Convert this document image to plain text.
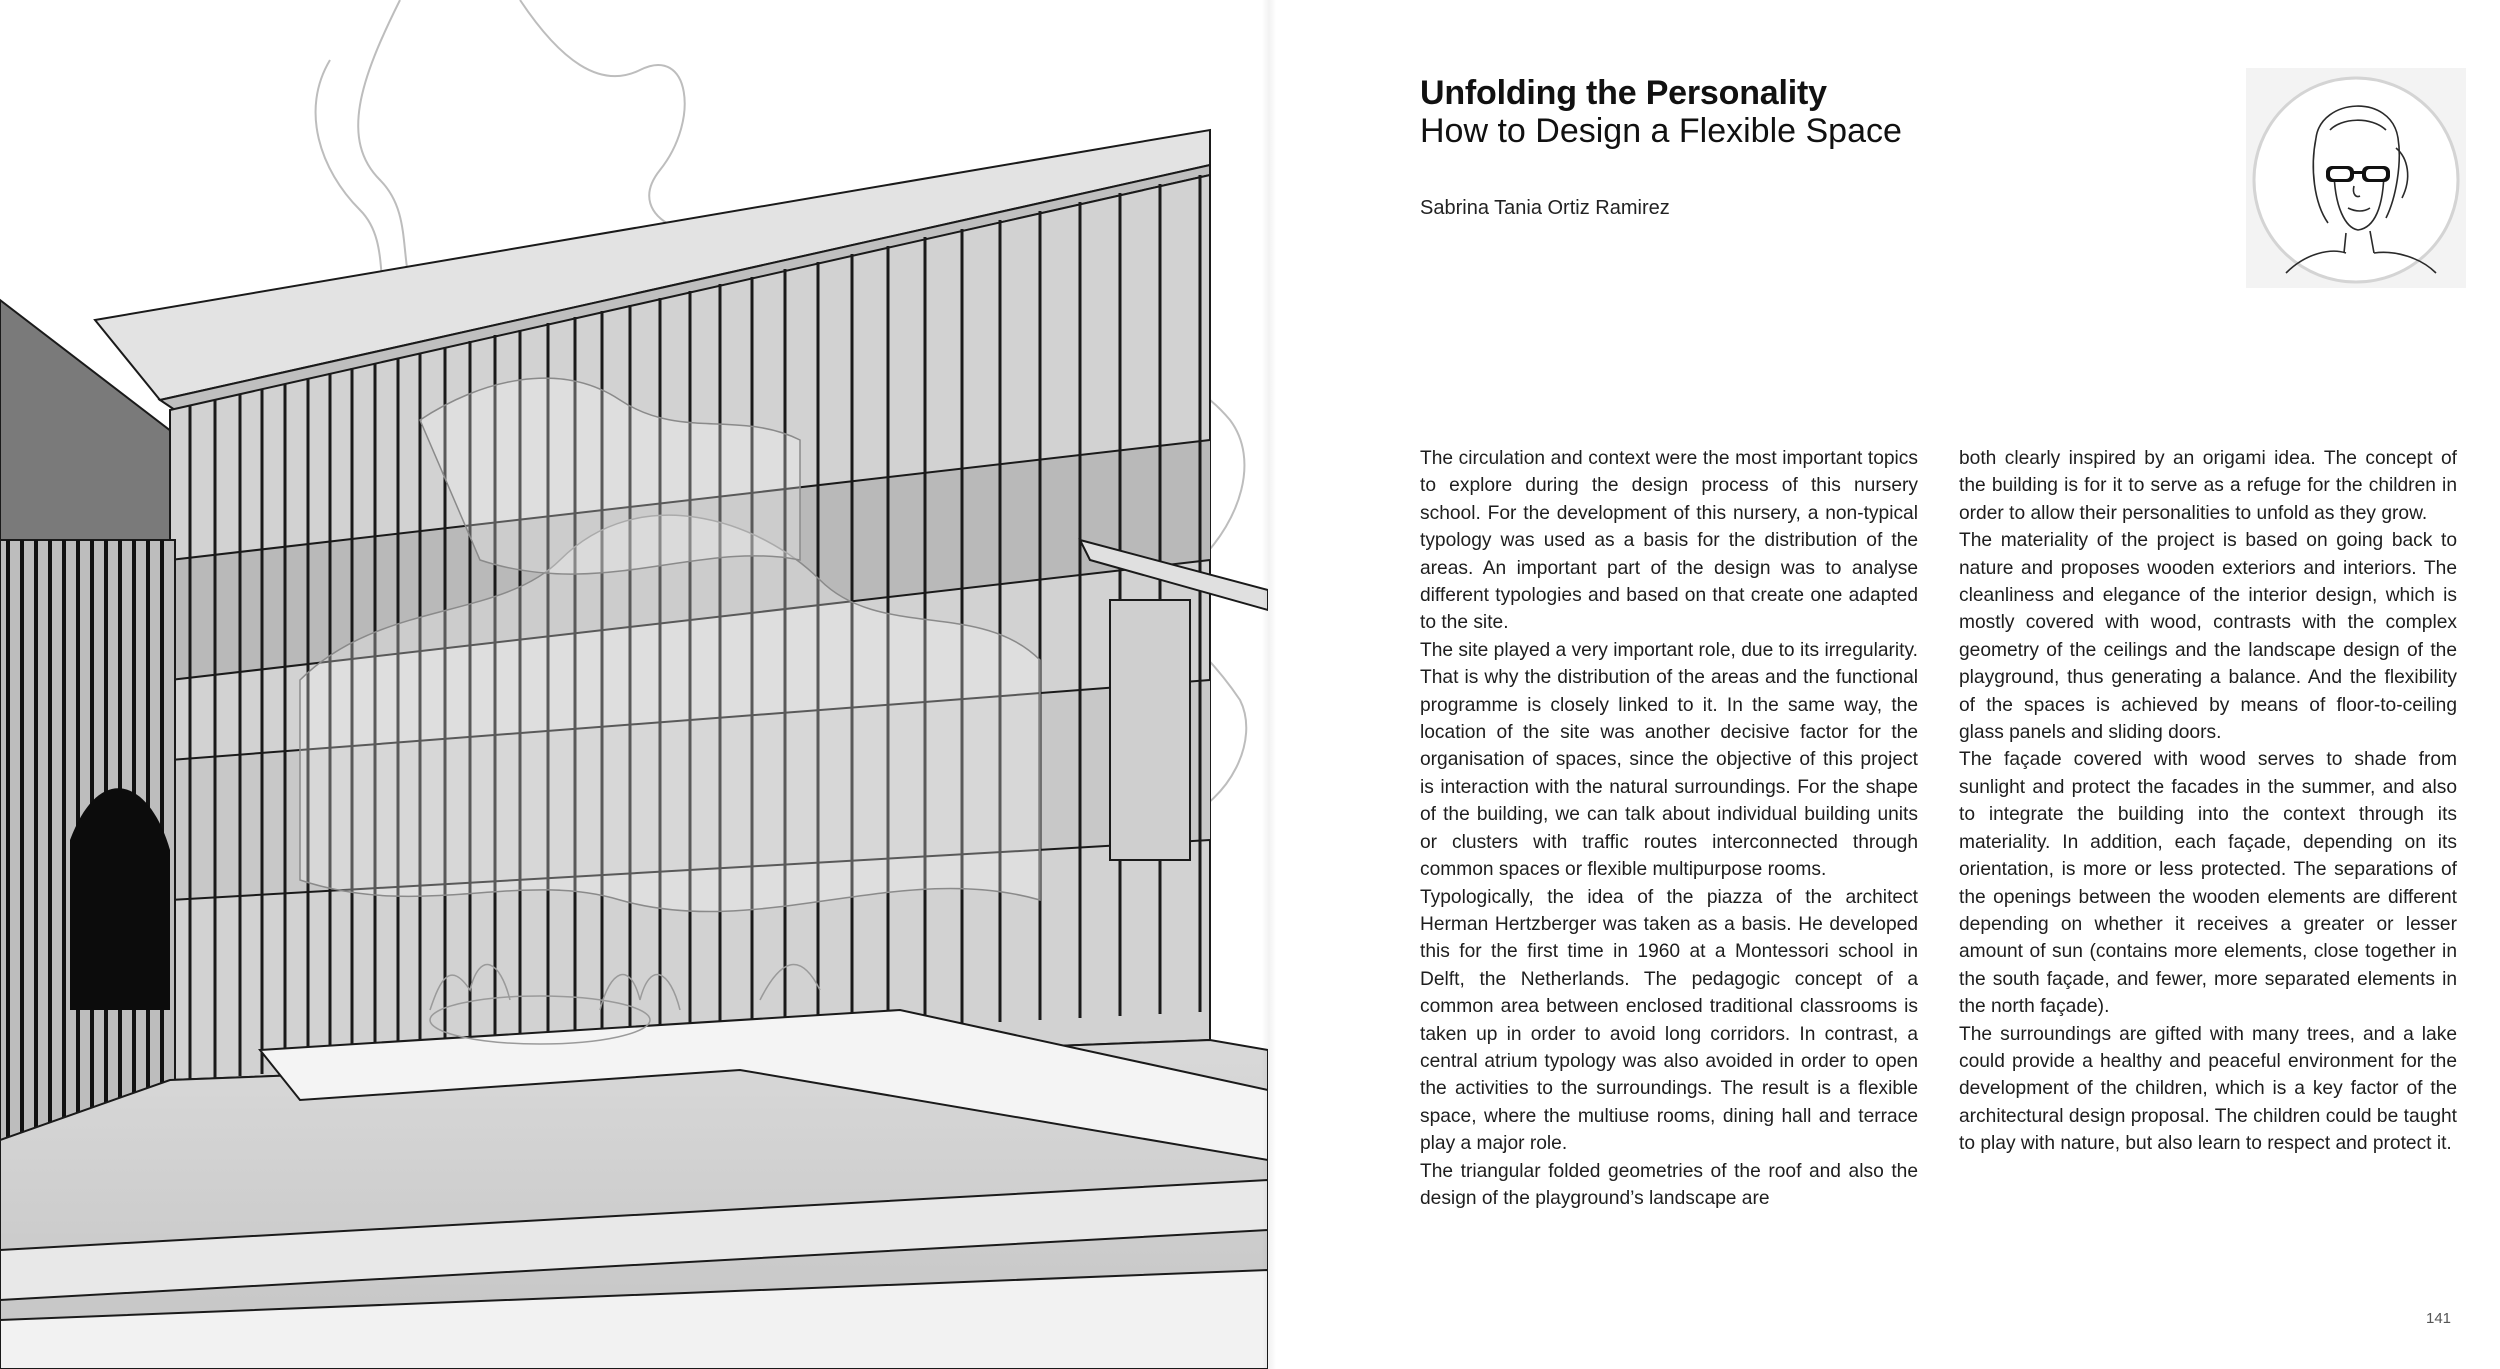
Unfolding the Personality
How to Design a Flexible Space
Sabrina Tania Ortiz Ramirez

The circulation and context were the most important topics to explore during the design process of this nursery school. For the development of this nursery, a non-typical typology was used as a basis for the distribution of the areas. An important part of the design was to analyse different typologies and based on that create one adapted to the site.

The site played a very important role, due to its irregularity. That is why the distribution of the areas and the functional programme is closely linked to it. In the same way, the location of the site was another decisive factor for the organisation of spaces, since the objective of this project is interaction with the natural surroundings. For the shape of the building, we can talk about individual building units or clusters with traffic routes interconnected through common spaces or flexible multipurpose rooms.

Typologically, the idea of the piazza of the architect Herman Hertzberger was taken as a basis. He developed this for the first time in 1960 at a Montessori school in Delft, the Netherlands. The pedagogic concept of a common area between enclosed traditional classrooms is taken up in order to avoid long corridors. In contrast, a central atrium typology was also avoided in order to open the activities to the surroundings. The result is a flexible space, where the multiuse rooms, dining hall and terrace play a major role.

The triangular folded geometries of the roof and also the design of the playground’s landscape are

both clearly inspired by an origami idea. The concept of the building is for it to serve as a refuge for the children in order to allow their personalities to unfold as they grow.

The materiality of the project is based on going back to nature and proposes wooden exteriors and interiors. The cleanliness and elegance of the interior design, which is mostly covered with wood, contrasts with the complex geometry of the ceilings and the landscape design of the playground, thus generating a balance. And the flexibility of the spaces is achieved by means of floor-to-ceiling glass panels and sliding doors.

The façade covered with wood serves to shade from sunlight and protect the facades in the summer, and also to integrate the building into the context through its materiality. In addition, each façade, depending on its orientation, is more or less protected. The separations of the openings between the wooden elements are different depending on whether it receives a greater or lesser amount of sun (contains more elements, close together in the south façade, and fewer, more separated elements in the north façade).

The surroundings are gifted with many trees, and a lake could provide a healthy and peaceful environment for the development of the children, which is a key factor of the architectural design proposal. The children could be taught to play with nature, but also learn to respect and protect it.

141
